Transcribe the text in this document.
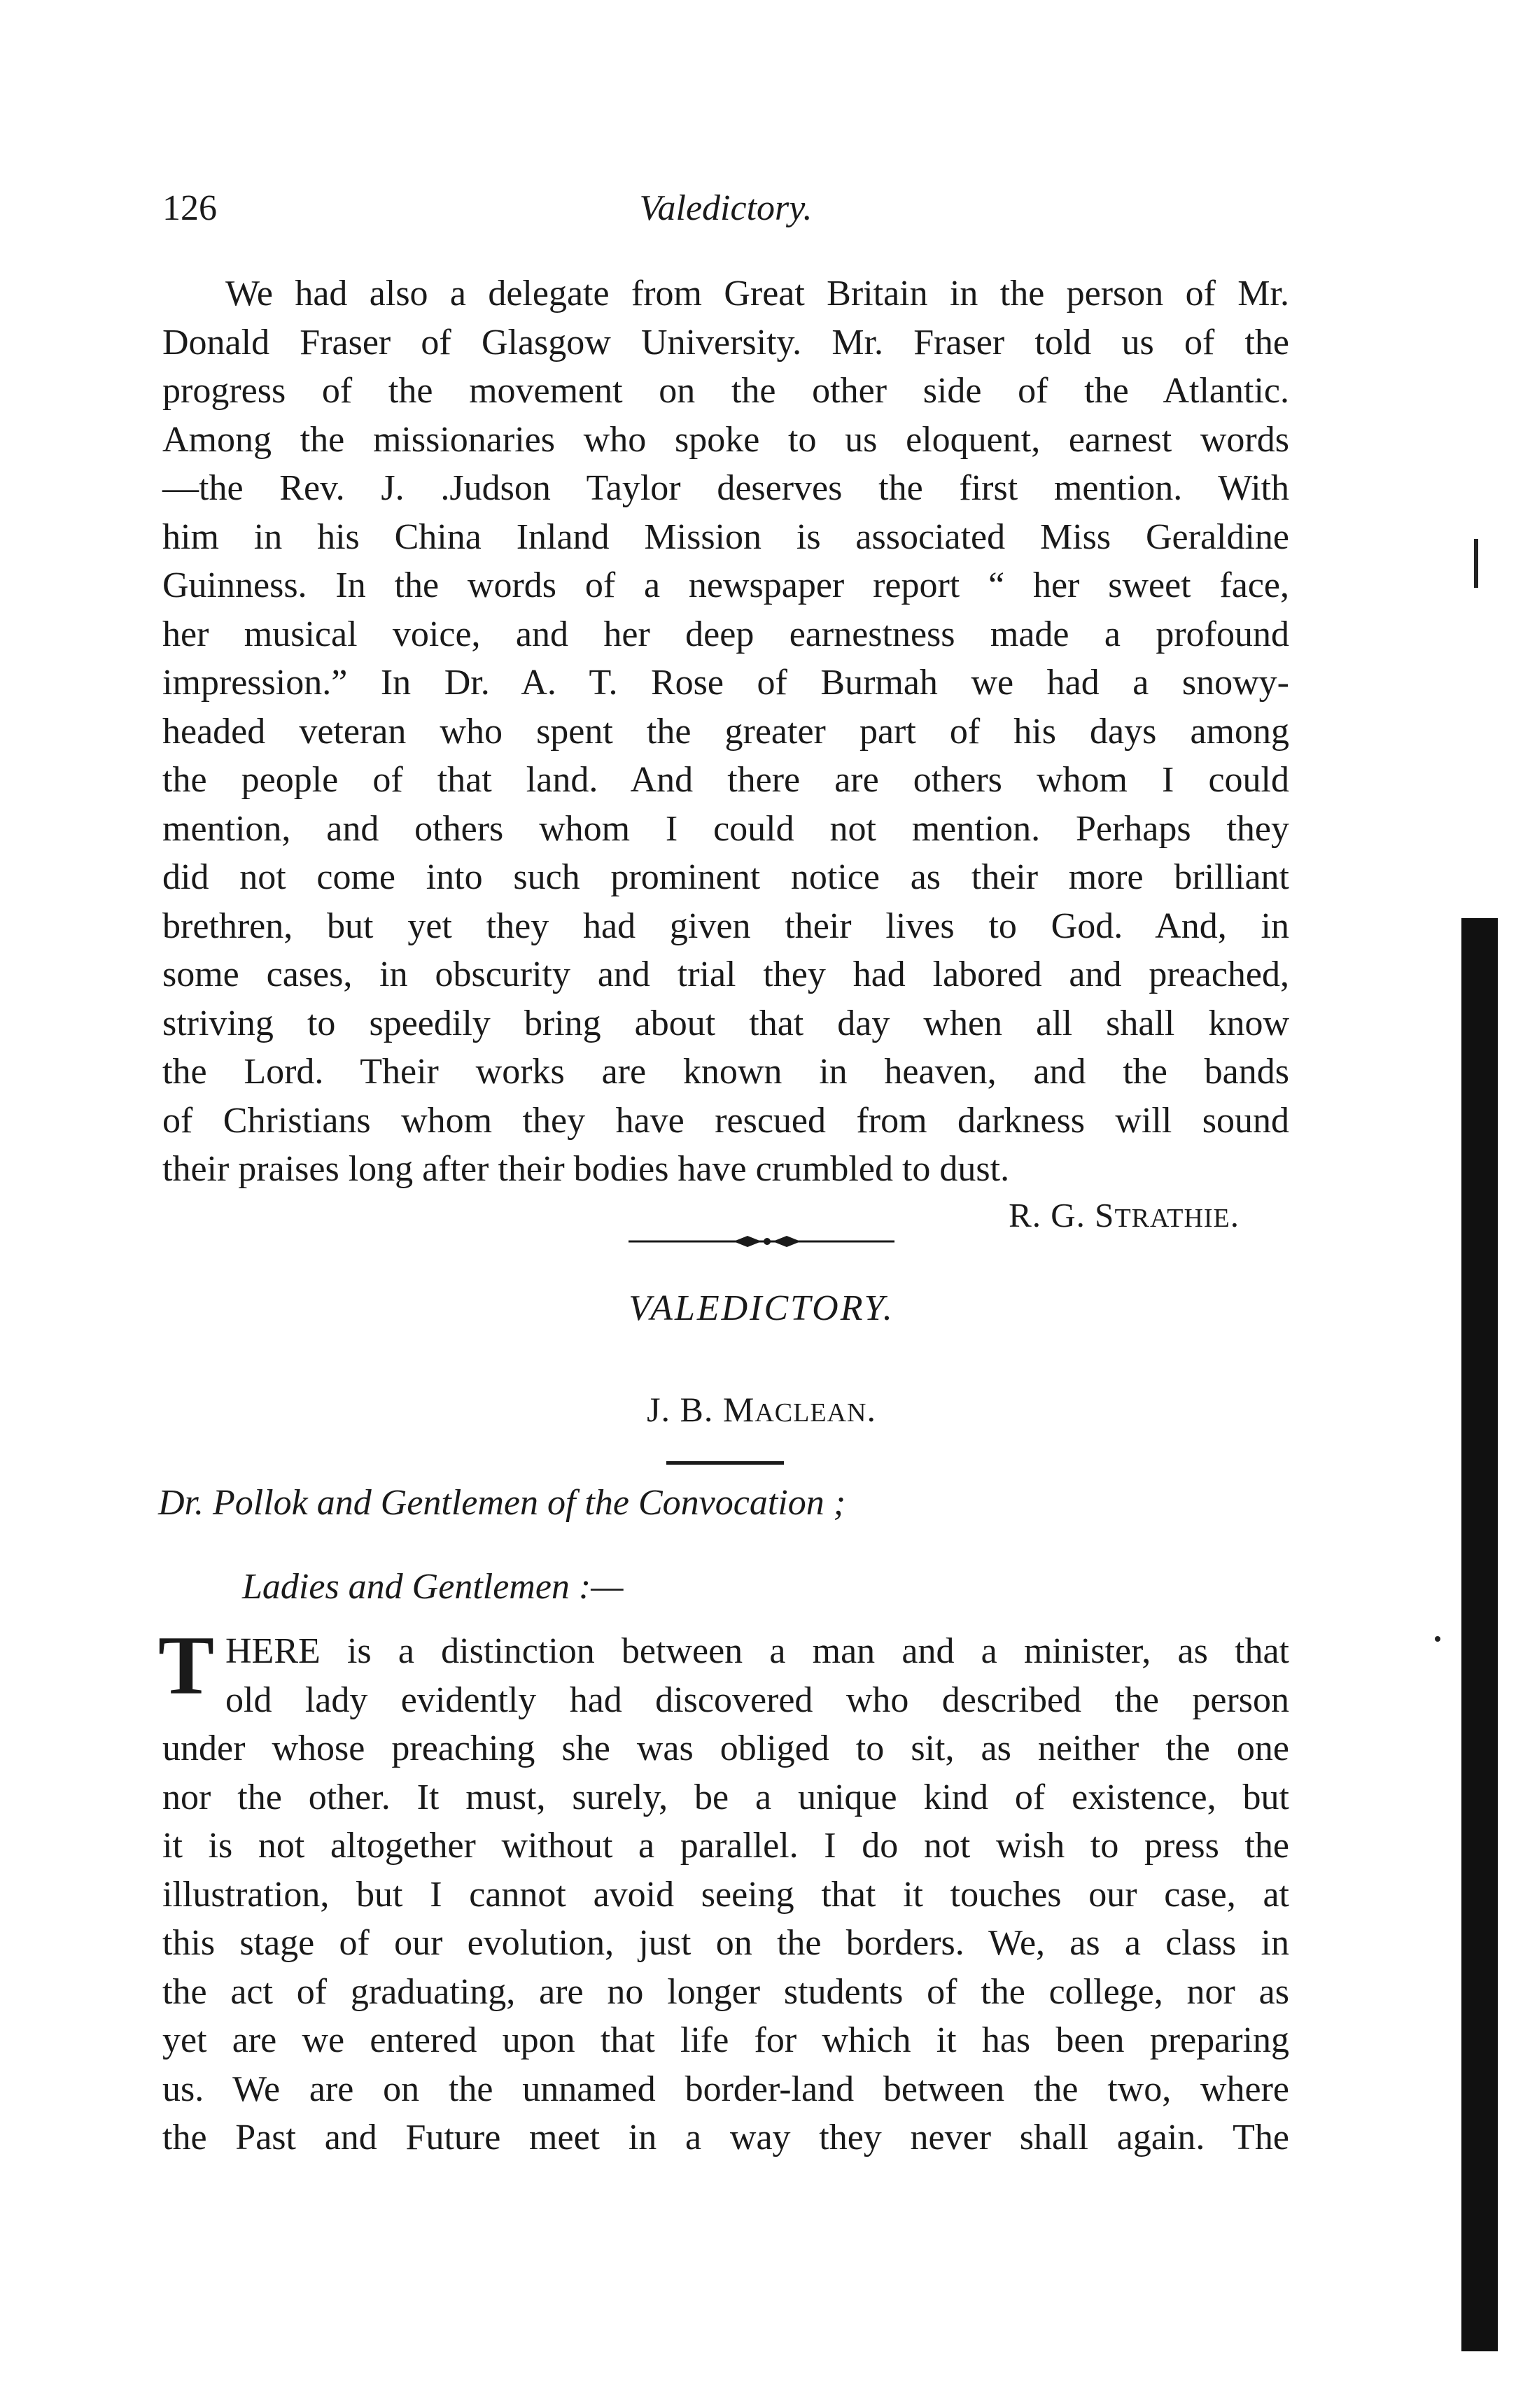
126	Valedictory.
We had also a delegate from Great Britain in the person of Mr.
Donald Fraser of Glasgow University. Mr. Fraser told us of the
progress of the movement on the other side of the Atlantic.
Among the missionaries who spoke to us eloquent, earnest words
—the Rev. J. .Judson Taylor deserves the first mention. With
him in his China Inland Mission is associated Miss Geraldine
Guinness. In the words of a newspaper report “ her sweet face,
her musical voice, and her deep earnestness made a profound
impression.” In Dr. A. T. Rose of Burmah we had a snowy-
headed veteran who spent the greater part of his days among
the people of that land. And there are others whom I could
mention, and others whom I could not mention. Perhaps they
did not come into such prominent notice as their more brilliant
brethren, but yet they had given their lives to God. And, in
some cases, in obscurity and trial they had labored and preached,
striving to speedily bring about that day when all shall know
the Lord. Their works are known in heaven, and the bands
of Christians whom they have rescued from darkness will sound
their praises long after their bodies have crumbled to dust.
R. G. STRATHIE.
VALEDICTORY.
J. B. MACLEAN.
Dr. Pollok and Gentlemen of the Convocation ;
Ladies and Gentlemen :—
T HERE is a distinction between a man and a minister, as that
old lady evidently had discovered who described the person
under whose preaching she was obliged to sit, as neither the one
nor the other. It must, surely, be a unique kind of existence, but
it is not altogether without a parallel. I do not wish to press the
illustration, but I cannot avoid seeing that it touches our case, at
this stage of our evolution, just on the borders. We, as a class in
the act of graduating, are no longer students of the college, nor as
yet are we entered upon that life for which it has been preparing
us. We are on the unnamed border-land between the two, where
the Past and Future meet in a way they never shall again. The
